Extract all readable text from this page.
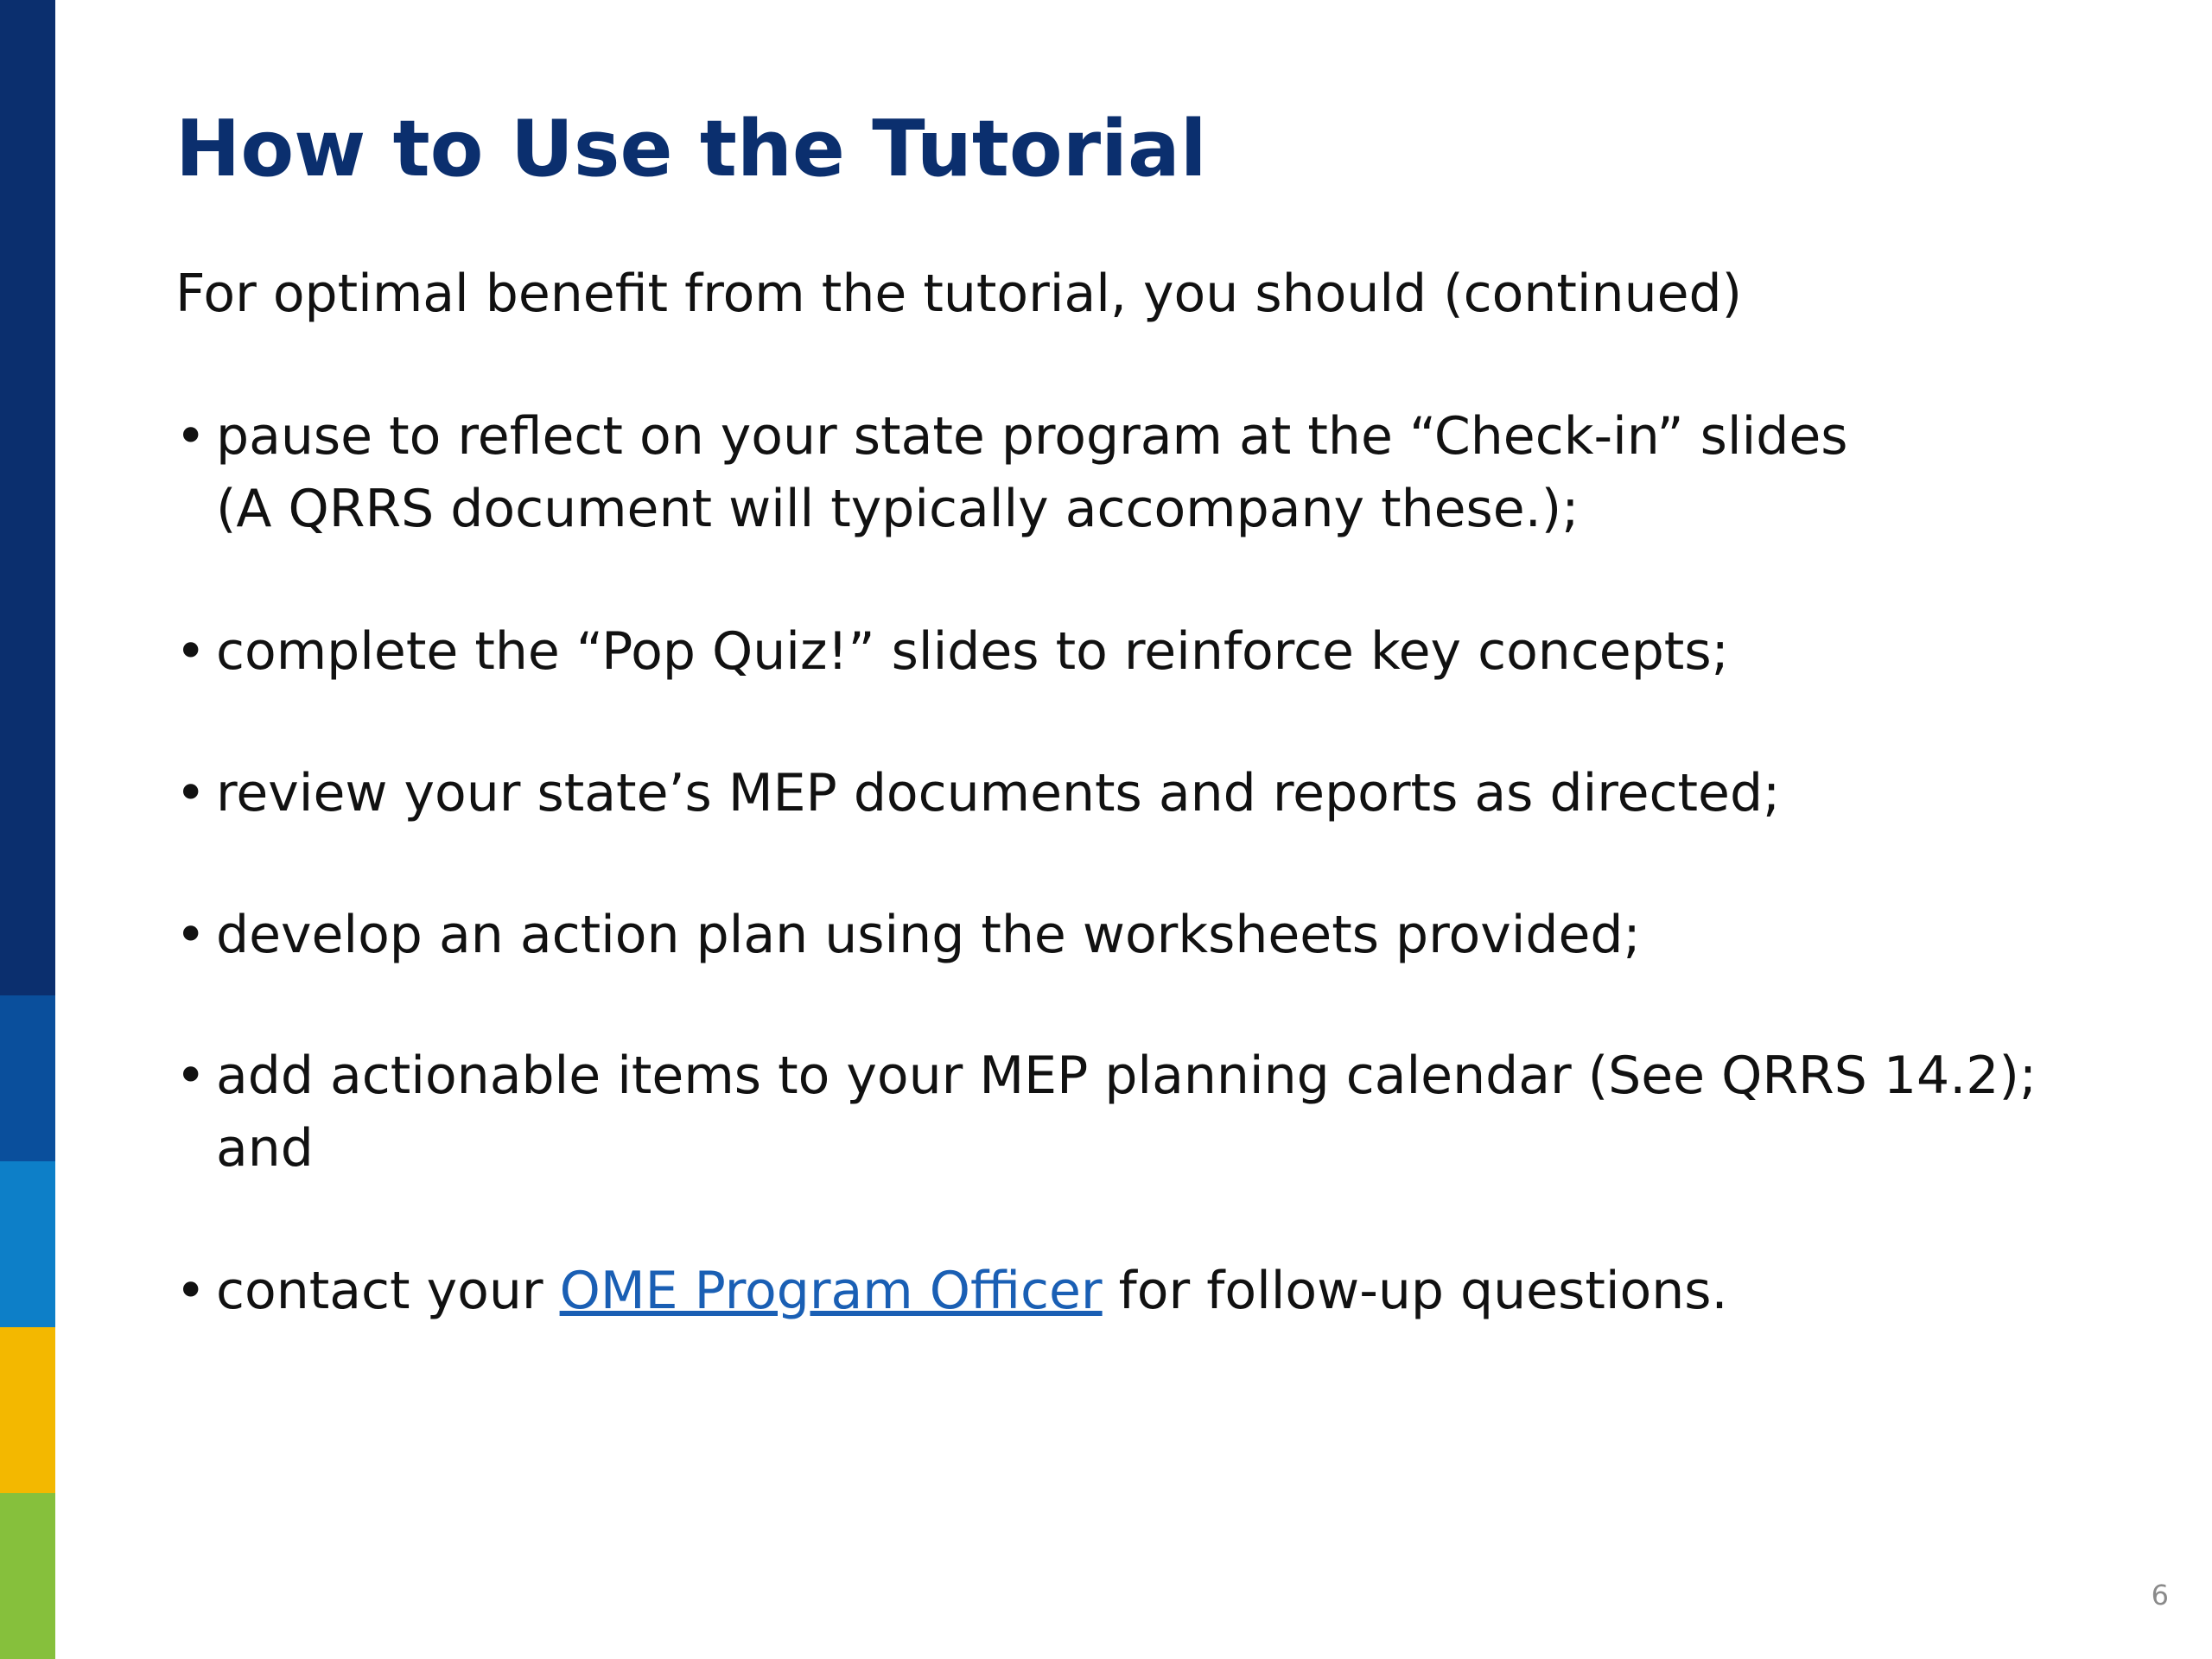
How to Use the Tutorial

For optimal benefit from the tutorial, you should (continued)

• pause to reflect on your state program at the “Check-in” slides
(A QRRS document will typically accompany these.);
• complete the “Pop Quiz!” slides to reinforce key concepts;
• review your state’s MEP documents and reports as directed;
• develop an action plan using the worksheets provided;
• add actionable items to your MEP planning calendar (See QRRS 14.2);
and
• contact your OME Program Officer for follow-up questions.
6
